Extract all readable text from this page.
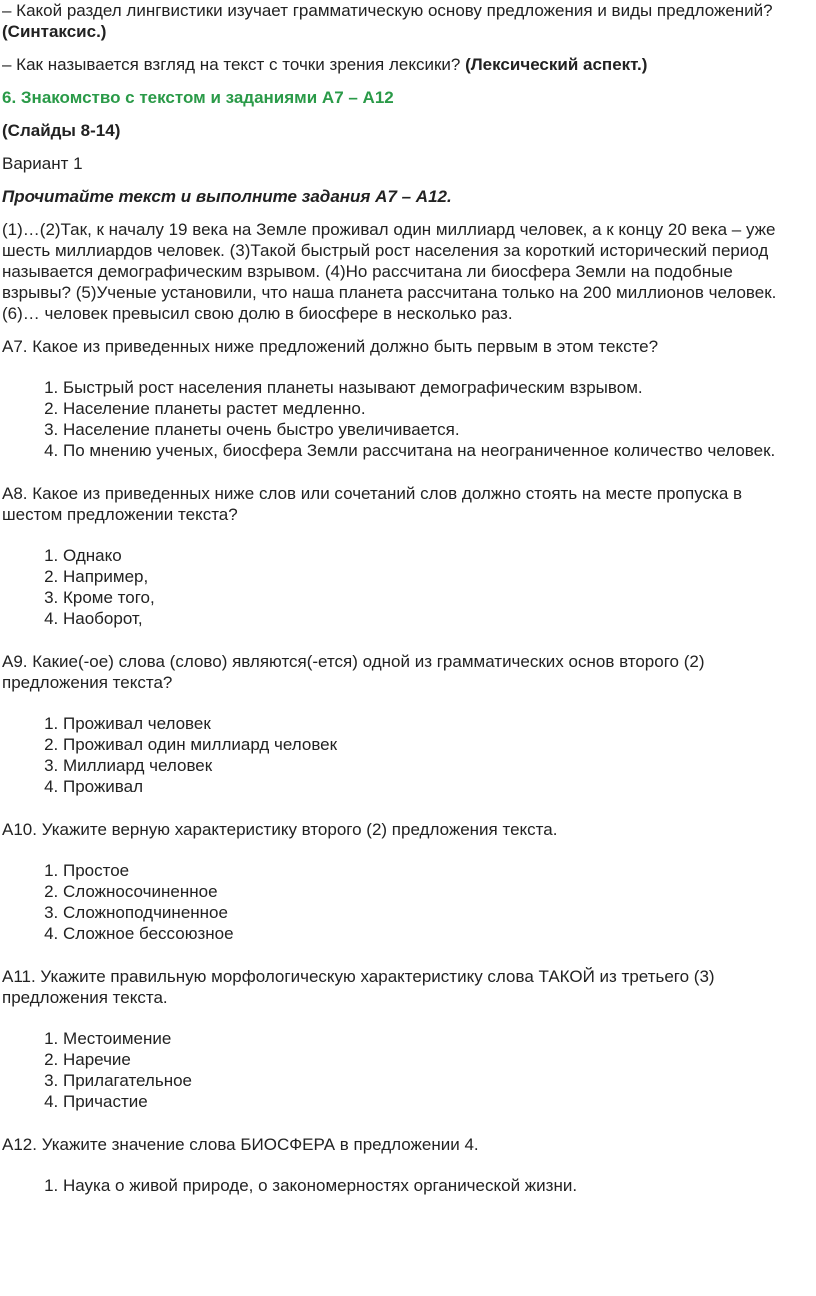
– Какой раздел лингвистики изучает грамматическую основу предложения и виды предложений? (Синтаксис.)

– Как называется взгляд на текст с точки зрения лексики? (Лексический аспект.)

6. Знакомство с текстом и заданиями А7 – А12

(Слайды 8-14)

Вариант 1

Прочитайте текст и выполните задания А7 – А12.

(1)…(2)Так, к началу 19 века на Земле проживал один миллиард человек, а к концу 20 века – уже шесть миллиардов человек. (3)Такой быстрый рост населения за короткий исторический период называется демографическим взрывом. (4)Но рассчитана ли биосфера Земли на подобные взрывы? (5)Ученые установили, что наша планета рассчитана только на 200 миллионов человек. (6)… человек превысил свою долю в биосфере в несколько раз.

А7. Какое из приведенных ниже предложений должно быть первым в этом тексте?

1. Быстрый рост населения планеты называют демографическим взрывом.
2. Население планеты растет медленно.
3. Население планеты очень быстро увеличивается.
4. По мнению ученых, биосфера Земли рассчитана на неограниченное количество человек.

А8. Какое из приведенных ниже слов или сочетаний слов должно стоять на месте пропуска в шестом предложении текста?

1. Однако
2. Например,
3. Кроме того,
4. Наоборот,

А9. Какие(-ое) слова (слово) являются(-ется) одной из грамматических основ второго (2) предложения текста?

1. Проживал человек
2. Проживал один миллиард человек
3. Миллиард человек
4. Проживал

А10. Укажите верную характеристику второго (2) предложения текста.

1. Простое
2. Сложносочиненное
3. Сложноподчиненное
4. Сложное бессоюзное

А11. Укажите правильную морфологическую характеристику слова ТАКОЙ из третьего (3) предложения текста.

1. Местоимение
2. Наречие
3. Прилагательное
4. Причастие

А12. Укажите значение слова БИОСФЕРА в предложении 4.

1. Наука о живой природе, о закономерностях органической жизни.
